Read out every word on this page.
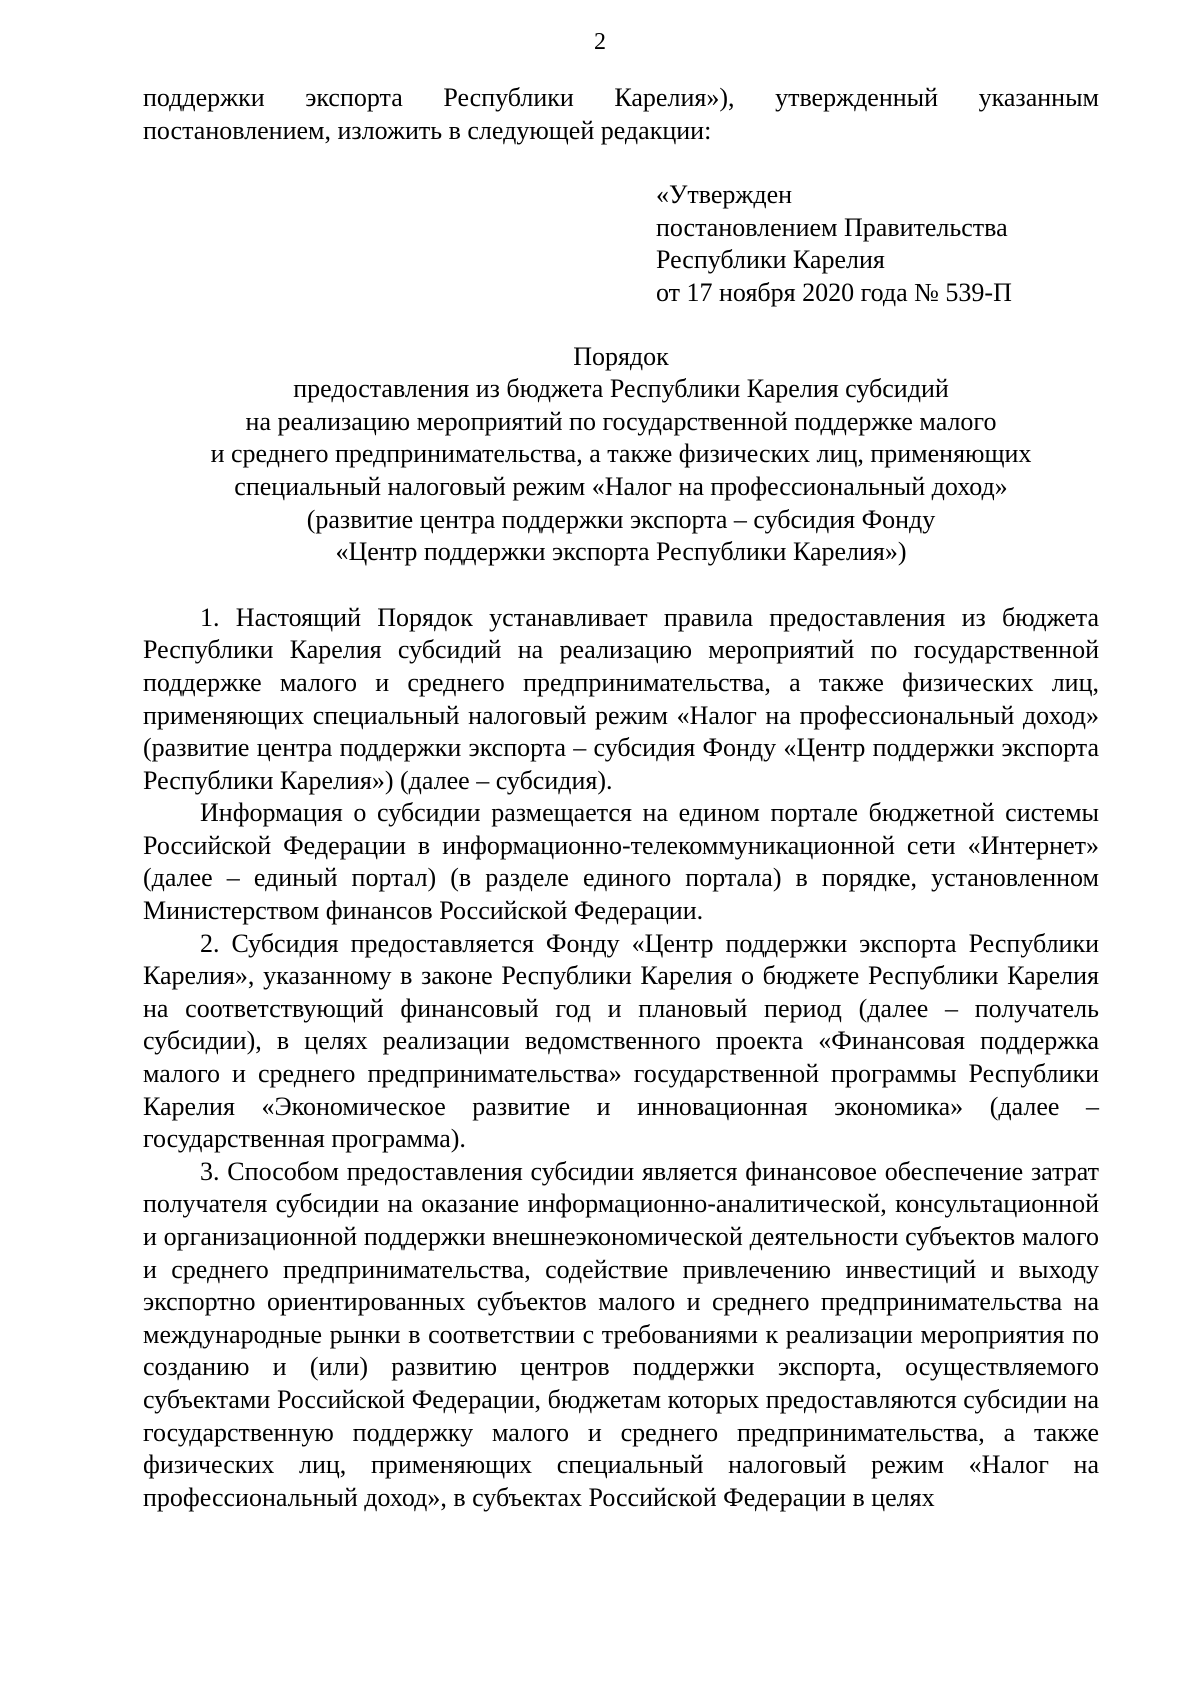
2

поддержки экспорта Республики Карелия»), утвержденный указанным постановлением, изложить в следующей редакции:

«Утвержден
постановлением Правительства
Республики Карелия
от 17 ноября 2020 года № 539-П
Порядок
предоставления из бюджета Республики Карелия субсидий
на реализацию мероприятий по государственной поддержке малого
и среднего предпринимательства, а также физических лиц, применяющих
специальный налоговый режим «Налог на профессиональный доход»
(развитие центра поддержки экспорта – субсидия Фонду
«Центр поддержки экспорта Республики Карелия»)

1. Настоящий Порядок устанавливает правила предоставления из бюджета Республики Карелия субсидий на реализацию мероприятий по государственной поддержке малого и среднего предпринимательства, а также физических лиц, применяющих специальный налоговый режим «Налог на профессиональный доход» (развитие центра поддержки экспорта – субсидия Фонду «Центр поддержки экспорта Республики Карелия») (далее – субсидия).

Информация о субсидии размещается на едином портале бюджетной системы Российской Федерации в информационно-телекоммуникационной сети «Интернет» (далее – единый портал) (в разделе единого портала) в порядке, установленном Министерством финансов Российской Федерации.

2. Субсидия предоставляется Фонду «Центр поддержки экспорта Республики Карелия», указанному в законе Республики Карелия о бюджете Республики Карелия на соответствующий финансовый год и плановый период (далее – получатель субсидии), в целях реализации ведомственного проекта «Финансовая поддержка малого и среднего предпринимательства» государственной программы Республики Карелия «Экономическое развитие и инновационная экономика» (далее – государственная программа).

3. Способом предоставления субсидии является финансовое обеспечение затрат получателя субсидии на оказание информационно-аналитической, консультационной и организационной поддержки внешнеэкономической деятельности субъектов малого и среднего предпринимательства, содействие привлечению инвестиций и выходу экспортно ориентированных субъектов малого и среднего предпринимательства на международные рынки в соответствии с требованиями к реализации мероприятия по созданию и (или) развитию центров поддержки экспорта, осуществляемого субъектами Российской Федерации, бюджетам которых предоставляются субсидии на государственную поддержку малого и среднего предпринимательства, а также физических лиц, применяющих специальный налоговый режим «Налог на профессиональный доход», в субъектах Российской Федерации в целях
